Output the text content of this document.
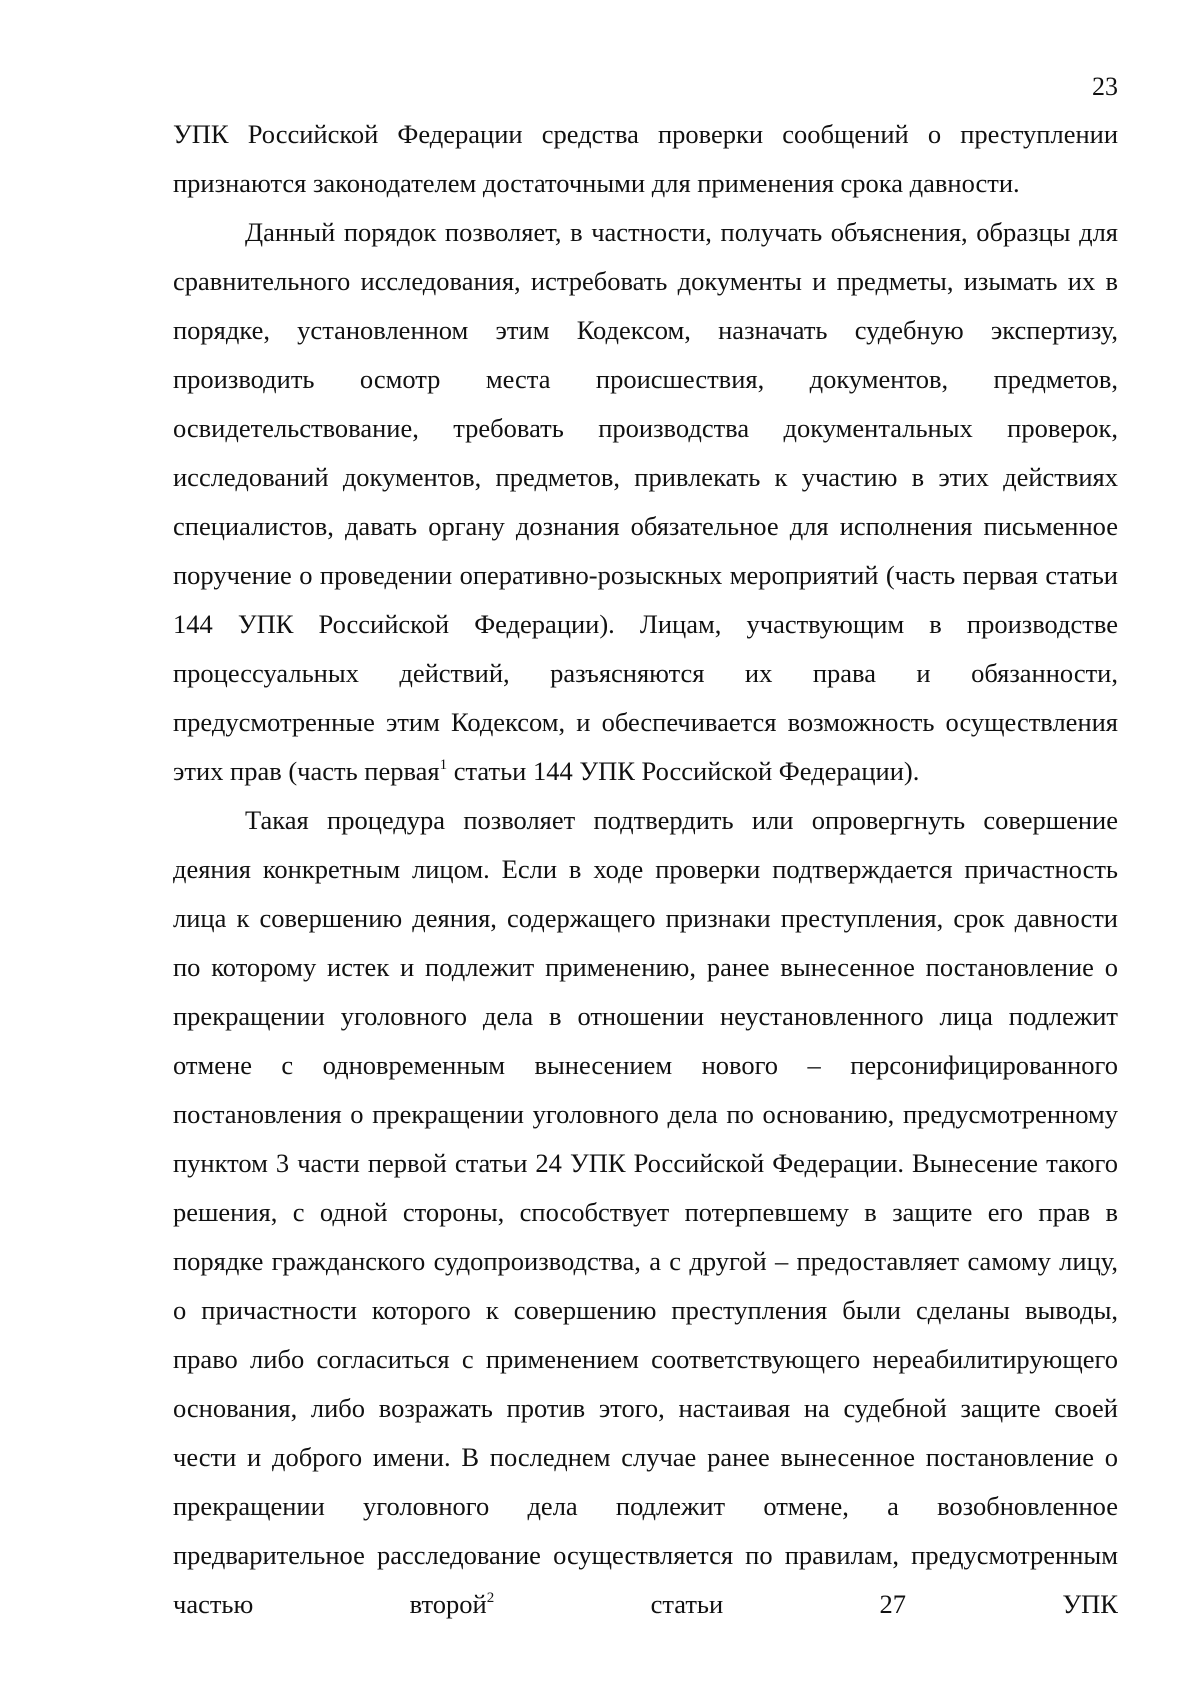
23

УПК Российской Федерации средства проверки сообщений о преступлении признаются законодателем достаточными для применения срока давности.

Данный порядок позволяет, в частности, получать объяснения, образцы для сравнительного исследования, истребовать документы и предметы, изымать их в порядке, установленном этим Кодексом, назначать судебную экспертизу, производить осмотр места происшествия, документов, предметов, освидетельствование, требовать производства документальных проверок, исследований документов, предметов, привлекать к участию в этих действиях специалистов, давать органу дознания обязательное для исполнения письменное поручение о проведении оперативно-розыскных мероприятий (часть первая статьи 144 УПК Российской Федерации). Лицам, участвующим в производстве процессуальных действий, разъясняются их права и обязанности, предусмотренные этим Кодексом, и обеспечивается возможность осуществления этих прав (часть первая$^1$ статьи 144 УПК Российской Федерации).

Такая процедура позволяет подтвердить или опровергнуть совершение деяния конкретным лицом. Если в ходе проверки подтверждается причастность лица к совершению деяния, содержащего признаки преступления, срок давности по которому истек и подлежит применению, ранее вынесенное постановление о прекращении уголовного дела в отношении неустановленного лица подлежит отмене с одновременным вынесением нового – персонифицированного постановления о прекращении уголовного дела по основанию, предусмотренному пунктом 3 части первой статьи 24 УПК Российской Федерации. Вынесение такого решения, с одной стороны, способствует потерпевшему в защите его прав в порядке гражданского судопроизводства, а с другой – предоставляет самому лицу, о причастности которого к совершению преступления были сделаны выводы, право либо согласиться с применением соответствующего нереабилитирующего основания, либо возражать против этого, настаивая на судебной защите своей чести и доброго имени. В последнем случае ранее вынесенное постановление о прекращении уголовного дела подлежит отмене, а возобновленное предварительное расследование осуществляется по правилам, предусмотренным частью второй$^2$ статьи 27 УПК
